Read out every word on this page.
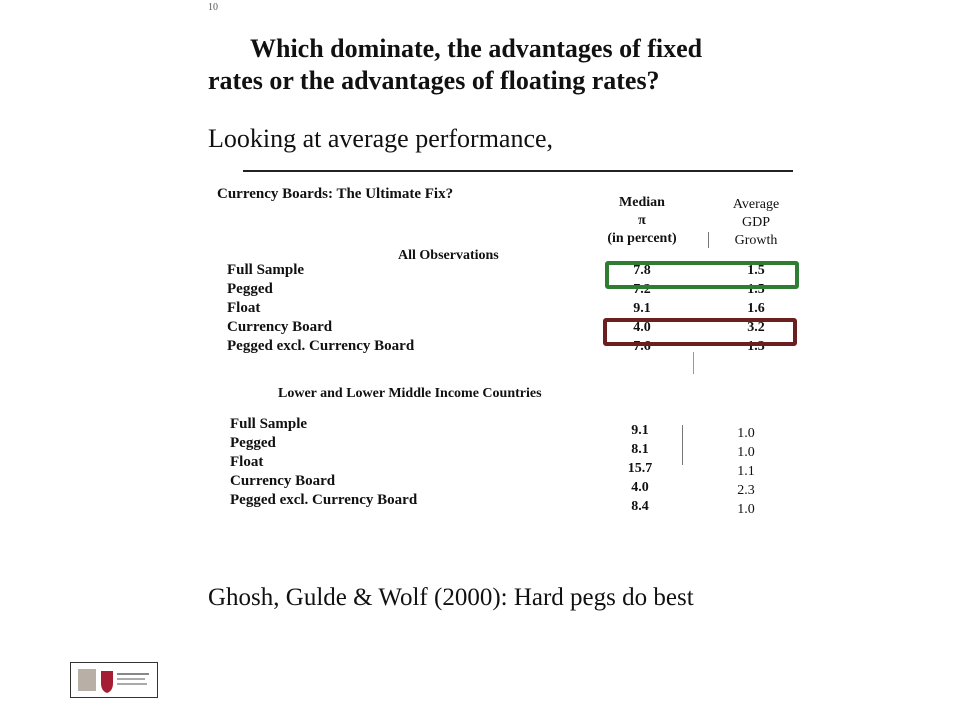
10
Which dominate, the advantages of fixed
rates or the advantages of floating rates?
Looking at average performance,
Currency Boards: The Ultimate Fix?
Median
π
(in percent)
Average
GDP
Growth
All Observations
Full Sample	7.8	1.5
Pegged	7.2	1.5
Float	9.1	1.6
Currency Board	4.0	3.2
Pegged excl. Currency Board	7.6	1.3
Lower and Lower Middle Income Countries
Full Sample	9.1	1.0
Pegged	8.1	1.0
Float	15.7	1.1
Currency Board	4.0	2.3
Pegged excl. Currency Board	8.4	1.0
Ghosh, Gulde & Wolf (2000): Hard pegs do best
